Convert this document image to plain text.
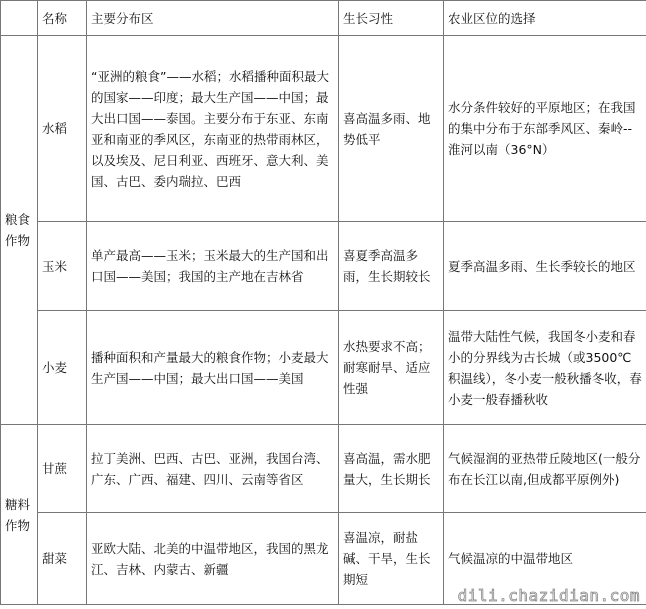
	名称	主要分布区	生长习性	农业区位的选择
粮食作物	水稻	“亚洲的粮食”——水稻；水稻播种面积最大的国家——印度；最大生产国——中国；最大出口国——泰国。主要分布于东亚、东南亚和南亚的季风区，东南亚的热带雨林区，以及埃及、尼日利亚、西班牙、意大利、美国、古巴、委内瑞拉、巴西	喜高温多雨、地势低平	水分条件较好的平原地区；在我国的集中分布于东部季风区、秦岭--淮河以南（36°N）
	玉米	单产最高——玉米；玉米最大的生产国和出口国——美国；我国的主产地在吉林省	喜夏季高温多雨，生长期较长	夏季高温多雨、生长季较长的地区
	小麦	播种面积和产量最大的粮食作物；小麦最大生产国——中国；最大出口国——美国	水热要求不高；耐寒耐旱、适应性强	温带大陆性气候，我国冬小麦和春小的分界线为古长城（或3500℃积温线），冬小麦一般秋播冬收，春小麦一般春播秋收
糖料作物	甘蔗	拉丁美洲、巴西、古巴、亚洲，我国台湾、广东、广西、福建、四川、云南等省区	喜高温，需水肥量大，生长期长	气候湿润的亚热带丘陵地区(一般分布在长江以南,但成都平原例外)
	甜菜	亚欧大陆、北美的中温带地区，我国的黑龙江、吉林、内蒙古、新疆	喜温凉，耐盐碱、干旱，生长期短	气候温凉的中温带地区
dili.chazidian.com
